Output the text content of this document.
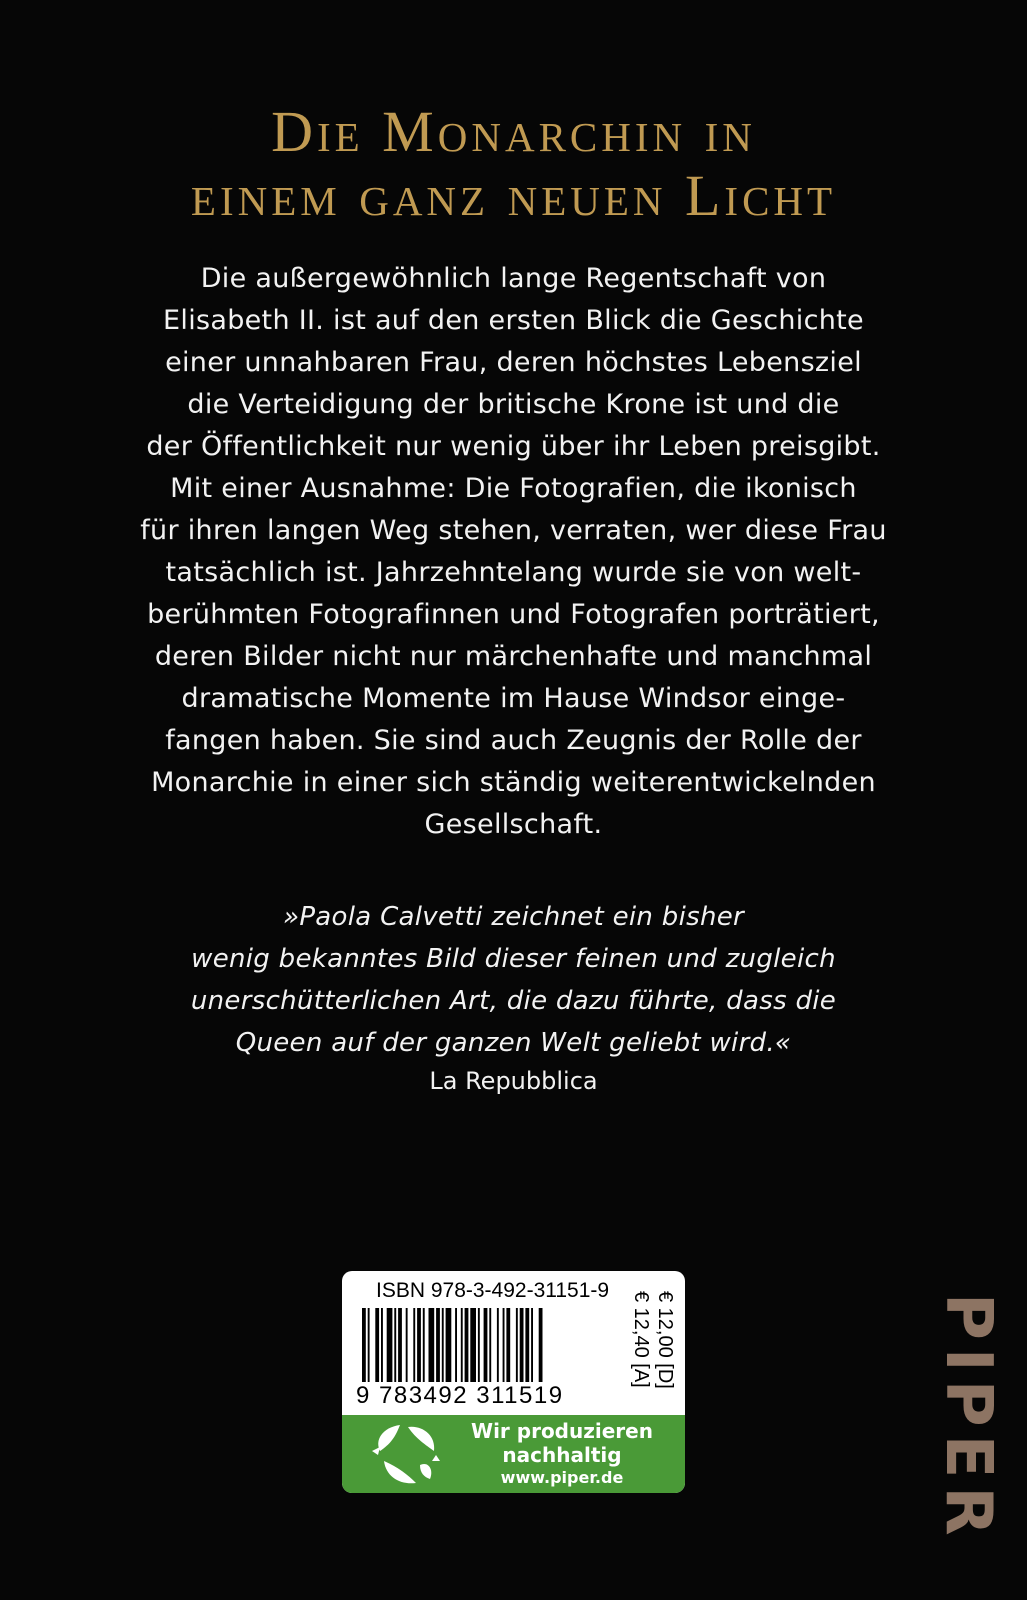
Die Monarchin in
einem ganz neuen Licht
Die außergewöhnlich lange Regentschaft von
Elisabeth II. ist auf den ersten Blick die Geschichte
einer unnahbaren Frau, deren höchstes Lebensziel
die Verteidigung der britische Krone ist und die
der Öffentlichkeit nur wenig über ihr Leben preisgibt.
Mit einer Ausnahme: Die Fotografien, die ikonisch
für ihren langen Weg stehen, verraten, wer diese Frau
tatsächlich ist. Jahrzehntelang wurde sie von welt-
berühmten Fotografinnen und Fotografen porträtiert,
deren Bilder nicht nur märchenhafte und manchmal
dramatische Momente im Hause Windsor einge-
fangen haben. Sie sind auch Zeugnis der Rolle der
Monarchie in einer sich ständig weiterentwickelnden
Gesellschaft.
»Paola Calvetti zeichnet ein bisher
wenig bekanntes Bild dieser feinen und zugleich
unerschütterlichen Art, die dazu führte, dass die
Queen auf der ganzen Welt geliebt wird.«
La Repubblica
ISBN 978-3-492-31151-9
9 783492 311519
€ 12,00 [D]
€ 12,40 [A]
Wir produzieren
nachhaltig
www.piper.de	PIPER
